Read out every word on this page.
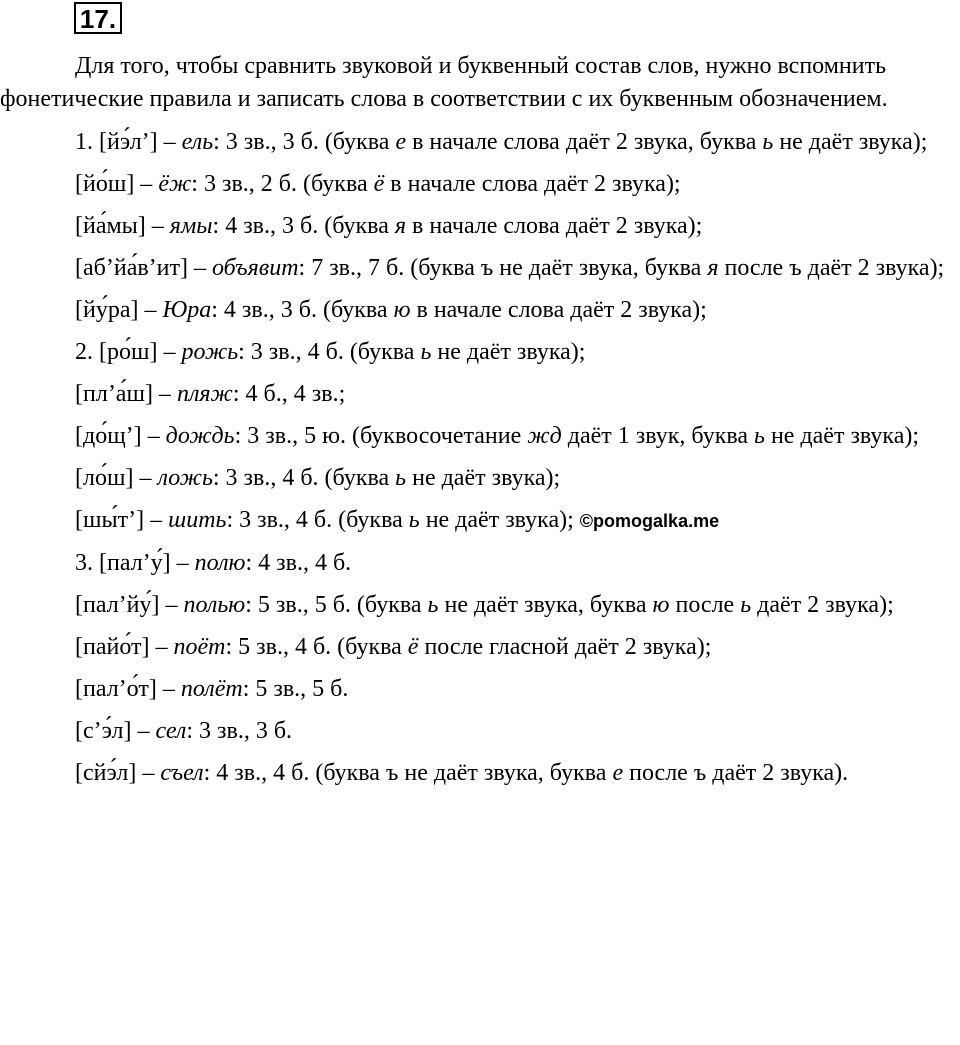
17.

Для того, чтобы сравнить звуковой и буквенный состав слов, нужно вспомнить фонетические правила и записать слова в соответствии с их буквенным обозначением.

1. [йэ́л’] – ель: 3 зв., 3 б. (буква е в начале слова даёт 2 звука, буква ь не даёт звука);

[йо́ш] – ёж: 3 зв., 2 б. (буква ё в начале слова даёт 2 звука);

[йа́мы] – ямы: 4 зв., 3 б. (буква я в начале слова даёт 2 звука);

[аб’йа́в’ит] – объявит: 7 зв., 7 б. (буква ъ не даёт звука, буква я после ъ даёт 2 звука);

[йу́ра] – Юра: 4 зв., 3 б. (буква ю в начале слова даёт 2 звука);

2. [ро́ш] – рожь: 3 зв., 4 б. (буква ь не даёт звука);

[пл’а́ш] – пляж: 4 б., 4 зв.;

[до́щ’] – дождь: 3 зв., 5 ю. (буквосочетание жд даёт 1 звук, буква ь не даёт звука);

[ло́ш] – ложь: 3 зв., 4 б. (буква ь не даёт звука);

[шы́т’] – шить: 3 зв., 4 б. (буква ь не даёт звука); ©pomogalka.me

3. [пал’у́] – полю: 4 зв., 4 б.

[пал’йу́] – полью: 5 зв., 5 б. (буква ь не даёт звука, буква ю после ь даёт 2 звука);

[пайо́т] – поёт: 5 зв., 4 б. (буква ё после гласной даёт 2 звука);

[пал’о́т] – полёт: 5 зв., 5 б.

[с’э́л] – сел: 3 зв., 3 б.

[сйэ́л] – съел: 4 зв., 4 б. (буква ъ не даёт звука, буква е после ъ даёт 2 звука).
